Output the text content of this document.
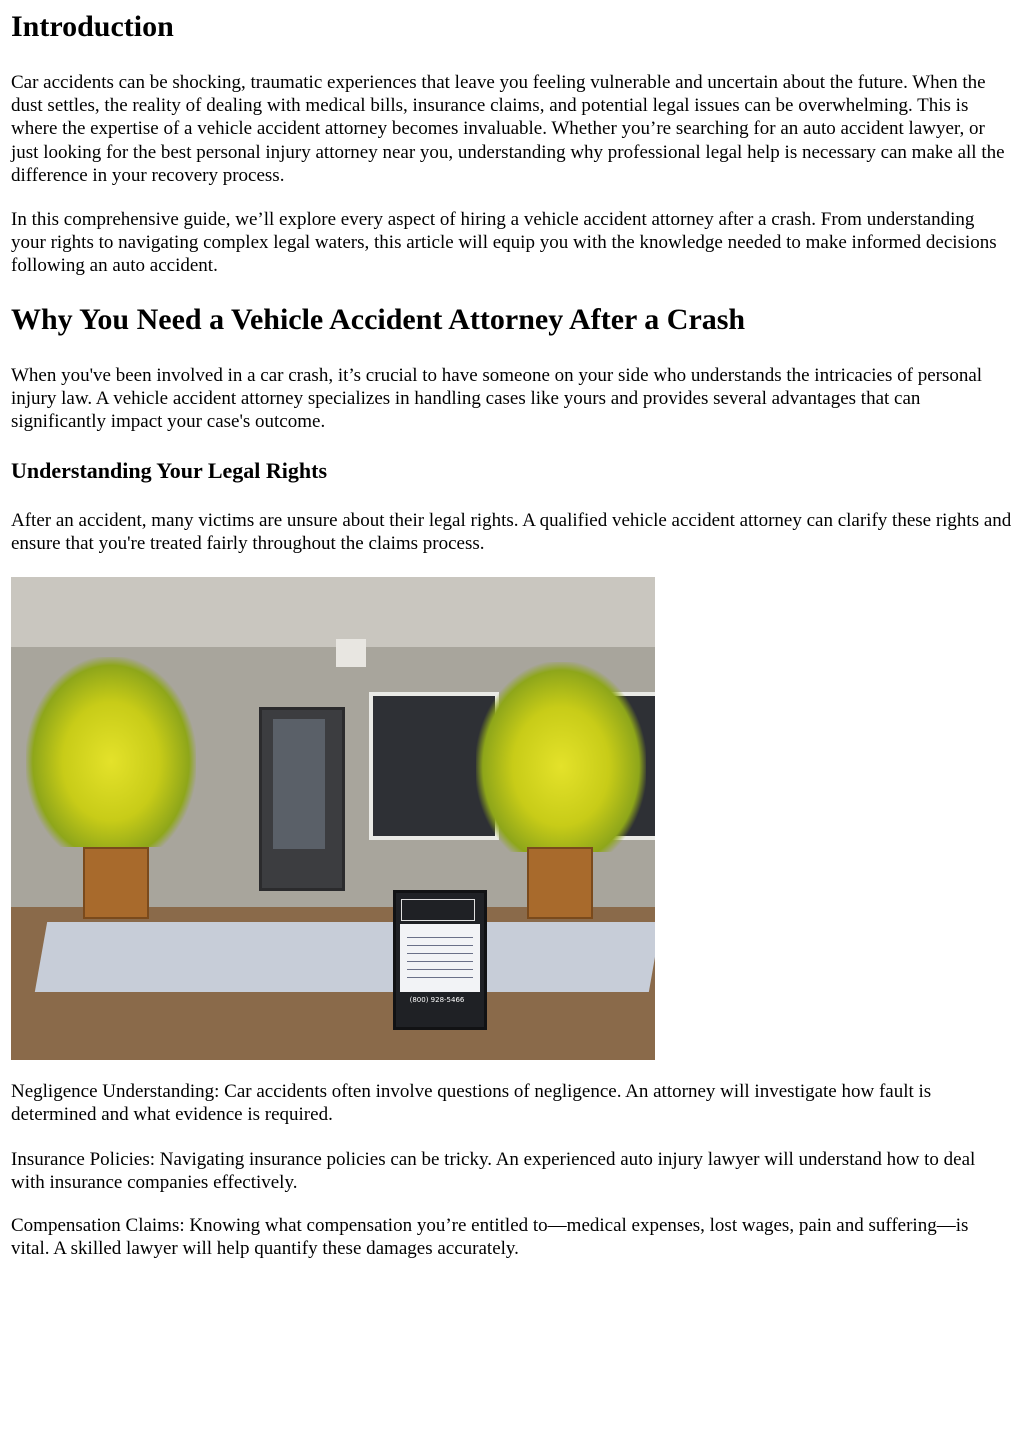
Introduction

Car accidents can be shocking, traumatic experiences that leave you feeling vulnerable and uncertain about the future. When the dust settles, the reality of dealing with medical bills, insurance claims, and potential legal issues can be overwhelming. This is where the expertise of a vehicle accident attorney becomes invaluable. Whether you’re searching for an auto accident lawyer, or just looking for the best personal injury attorney near you, understanding why professional legal help is necessary can make all the difference in your recovery process.

In this comprehensive guide, we’ll explore every aspect of hiring a vehicle accident attorney after a crash. From understanding your rights to navigating complex legal waters, this article will equip you with the knowledge needed to make informed decisions following an auto accident.

Why You Need a Vehicle Accident Attorney After a Crash

When you've been involved in a car crash, it’s crucial to have someone on your side who understands the intricacies of personal injury law. A vehicle accident attorney specializes in handling cases like yours and provides several advantages that can significantly impact your case's outcome.

Understanding Your Legal Rights

After an accident, many victims are unsure about their legal rights. A qualified vehicle accident attorney can clarify these rights and ensure that you're treated fairly throughout the claims process.

(800) 928-5466

Negligence Understanding: Car accidents often involve questions of negligence. An attorney will investigate how fault is determined and what evidence is required.

Insurance Policies: Navigating insurance policies can be tricky. An experienced auto injury lawyer will understand how to deal with insurance companies effectively.

Compensation Claims: Knowing what compensation you’re entitled to—medical expenses, lost wages, pain and suffering—is vital. A skilled lawyer will help quantify these damages accurately.
